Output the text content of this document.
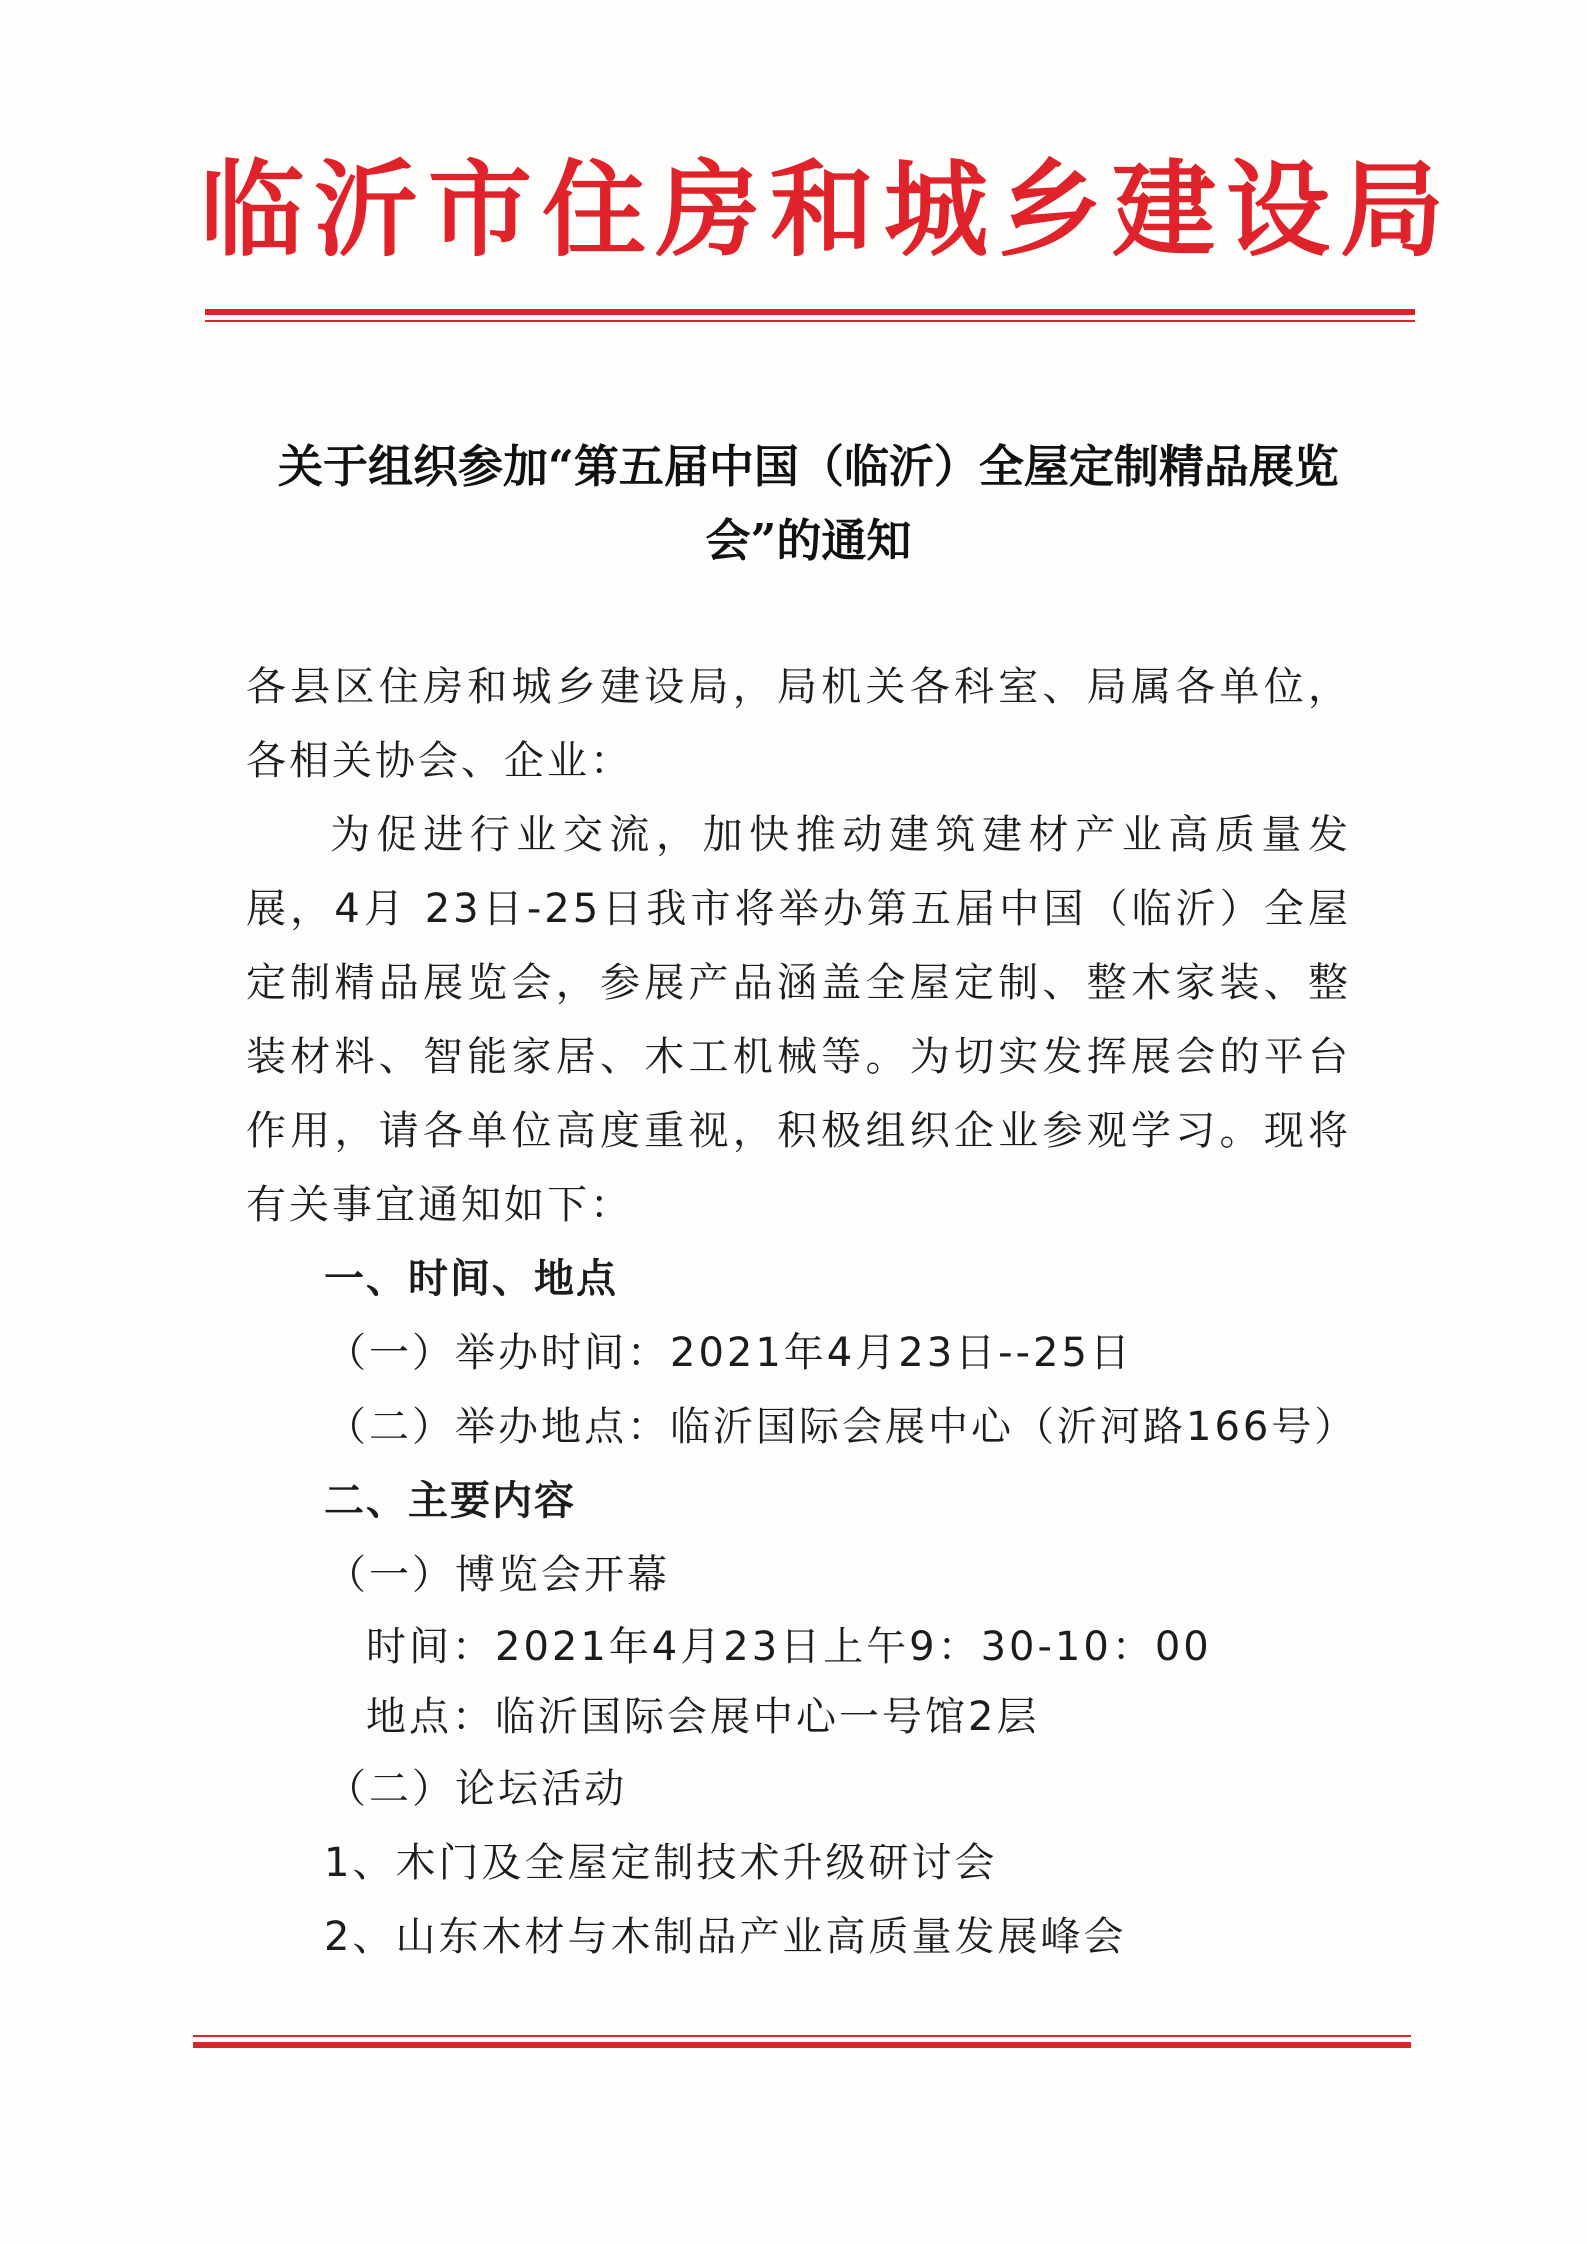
临沂市住房和城乡建设局
关于组织参加“第五届中国（临沂）全屋定制精品展览会”的通知

各县区住房和城乡建设局，局机关各科室、局属各单位，各相关协会、企业：

为促进行业交流，加快推动建筑建材产业高质量发展，4月 23日-25日我市将举办第五届中国（临沂）全屋定制精品展览会，参展产品涵盖全屋定制、整木家装、整装材料、智能家居、木工机械等。为切实发挥展会的平台作用，请各单位高度重视，积极组织企业参观学习。现将有关事宜通知如下：

一、时间、地点

（一）举办时间：2021年4月23日--25日

（二）举办地点：临沂国际会展中心（沂河路166号）

二、主要内容

（一）博览会开幕

时间：2021年4月23日上午9：30-10：00

地点：临沂国际会展中心一号馆2层

（二）论坛活动

1、木门及全屋定制技术升级研讨会

2、山东木材与木制品产业高质量发展峰会
